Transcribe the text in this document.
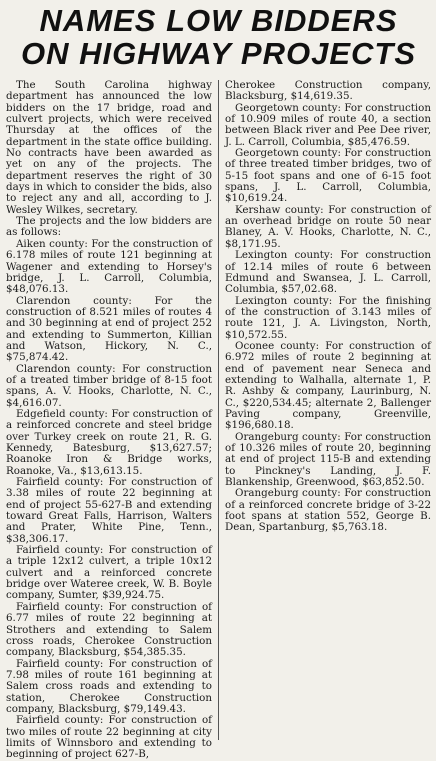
NAMES LOW BIDDERS
ON HIGHWAY PROJECTS

The South Carolina highway department has announced the low bidders on the 17 bridge, road and culvert projects, which were received Thursday at the offices of the department in the state office building. No contracts have been awarded as yet on any of the projects. The department reserves the right of 30 days in which to consider the bids, also to reject any and all, according to J. Wesley Wilkes, secretary.

The projects and the low bidders are as follows:

Aiken county: For the construction of 6.178 miles of route 121 beginning at Wagener and extending to Horsey's bridge, J. L. Carroll, Columbia, $48,076.13.

Clarendon county: For the construction of 8.521 miles of routes 4 and 30 beginning at end of project 252 and extending to Summerton, Killian and Watson, Hickory, N. C., $75,874.42.

Clarendon county: For construction of a treated timber bridge of 8-15 foot spans, A. V. Hooks, Charlotte, N. C., $4,616.07.

Edgefield county: For construction of a reinforced concrete and steel bridge over Turkey creek on route 21, R. G. Kennedy, Batesburg, $13,627.57; Roanoke Iron & Bridge works, Roanoke, Va., $13,613.15.

Fairfield county: For construction of 3.38 miles of route 22 beginning at end of project 55-627-B and extending toward Great Falls, Harrison, Walters and Prater, White Pine, Tenn., $38,306.17.

Fairfield county: For construction of a triple 12x12 culvert, a triple 10x12 culvert and a reinforced concrete bridge over Wateree creek, W. B. Boyle company, Sumter, $39,924.75.

Fairfield county: For construction of 6.77 miles of route 22 beginning at Strothers and extending to Salem cross roads, Cherokee Construction company, Blacksburg, $54,385.35.

Fairfield county: For construction of 7.98 miles of route 161 beginning at Salem cross roads and extending to station, Cherokee Construction company, Blacksburg, $79,149.43.

Fairfield county: For construction of two miles of route 22 beginning at city limits of Winnsboro and extending to beginning of project 627-B,

Cherokee Construction company, Blacksburg, $14,619.35.

Georgetown county: For construction of 10.909 miles of route 40, a section between Black river and Pee Dee river, J. L. Carroll, Columbia, $85,476.59.

Georgetown county: For construction of three treated timber bridges, two of 5-15 foot spans and one of 6-15 foot spans, J. L. Carroll, Columbia, $10,619.24.

Kershaw county: For construction of an overhead bridge on route 50 near Blaney, A. V. Hooks, Charlotte, N. C., $8,171.95.

Lexington county: For construction of 12.14 miles of route 6 between Edmund and Swansea, J. L. Carroll, Columbia, $57,02.68.

Lexington county: For the finishing of the construction of 3.143 miles of route 121, J. A. Livingston, North, $10,572.55.

Oconee county: For construction of 6.972 miles of route 2 beginning at end of pavement near Seneca and extending to Walhalla, alternate 1, P. R. Ashby & company, Laurinburg, N. C., $220,534.45; alternate 2, Ballenger Paving company, Greenville, $196,680.18.

Orangeburg county: For construction of 10.326 miles of route 20, beginning at end of project 115-B and extending to Pinckney's Landing, J. F. Blankenship, Greenwood, $63,852.50.

Orangeburg county: For construction of a reinforced concrete bridge of 3-22 foot spans at station 552, George B. Dean, Spartanburg, $5,763.18.
